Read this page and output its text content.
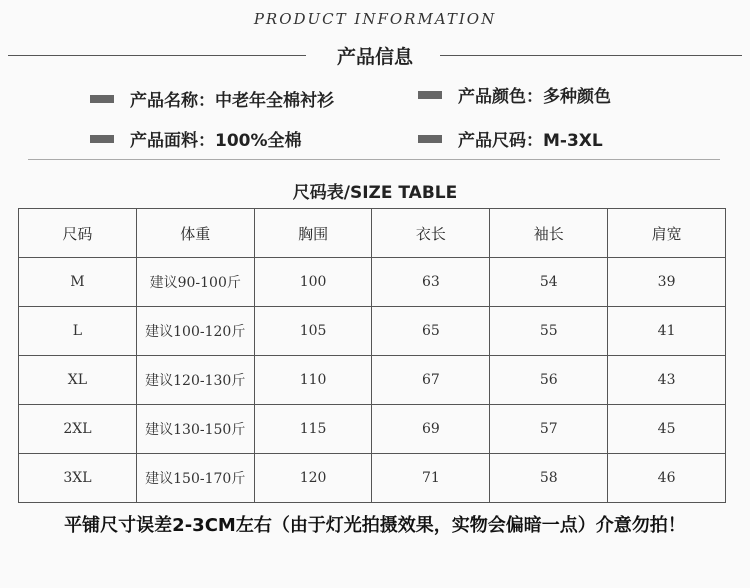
PRODUCT INFORMATION
产品信息
产品名称：中老年全棉衬衫	产品颜色：多种颜色
产品面料：100%全棉	产品尺码：M-3XL
尺码表/SIZE TABLE
尺码	体重	胸围	衣长	袖长	肩宽
M	建议90-100斤	100	63	54	39
L	建议100-120斤	105	65	55	41
XL	建议120-130斤	110	67	56	43
2XL	建议130-150斤	115	69	57	45
3XL	建议150-170斤	120	71	58	46
平铺尺寸误差2-3CM左右（由于灯光拍摄效果，实物会偏暗一点）介意勿拍！
